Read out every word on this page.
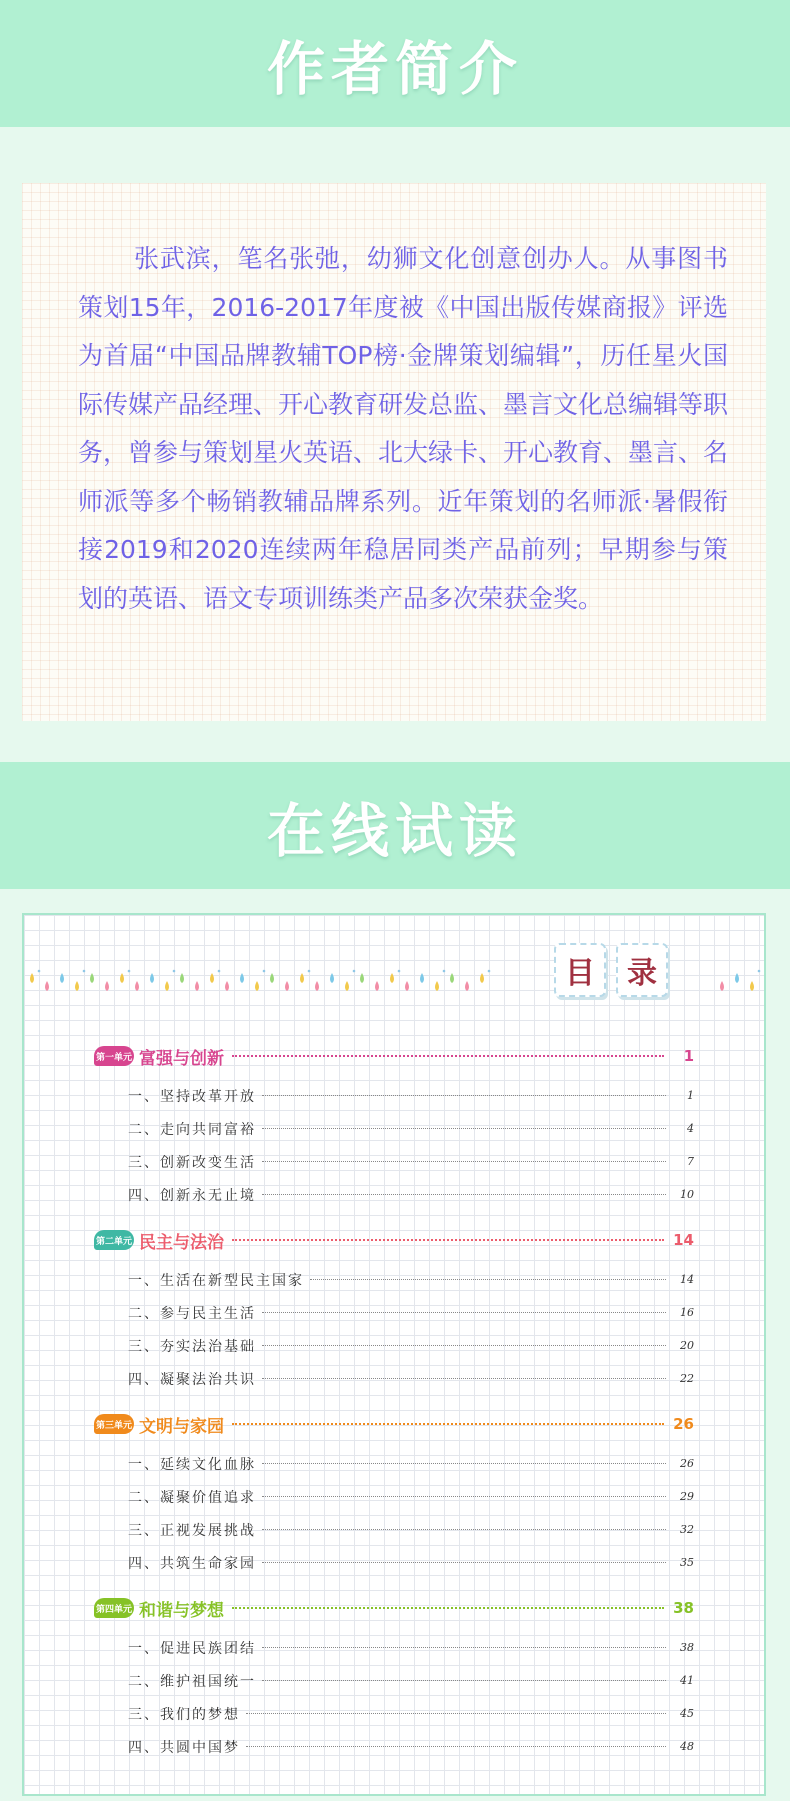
作者简介
张武滨，笔名张弛，幼狮文化创意创办人。从事图书策划15年，2016-2017年度被《中国出版传媒商报》评选为首届“中国品牌教辅TOP榜·金牌策划编辑”，历任星火国际传媒产品经理、开心教育研发总监、墨言文化总编辑等职务，曾参与策划星火英语、北大绿卡、开心教育、墨言、名师派等多个畅销教辅品牌系列。近年策划的名师派·暑假衔接2019和2020连续两年稳居同类产品前列；早期参与策划的英语、语文专项训练类产品多次荣获金奖。
在线试读
目	录
第一单元 富强与创新	1
一、坚持改革开放	1
二、走向共同富裕	4
三、创新改变生活	7
四、创新永无止境	10
第二单元 民主与法治	14
一、生活在新型民主国家	14
二、参与民主生活	16
三、夯实法治基础	20
四、凝聚法治共识	22
第三单元 文明与家园	26
一、延续文化血脉	26
二、凝聚价值追求	29
三、正视发展挑战	32
四、共筑生命家园	35
第四单元 和谐与梦想	38
一、促进民族团结	38
二、维护祖国统一	41
三、我们的梦想	45
四、共圆中国梦	48
